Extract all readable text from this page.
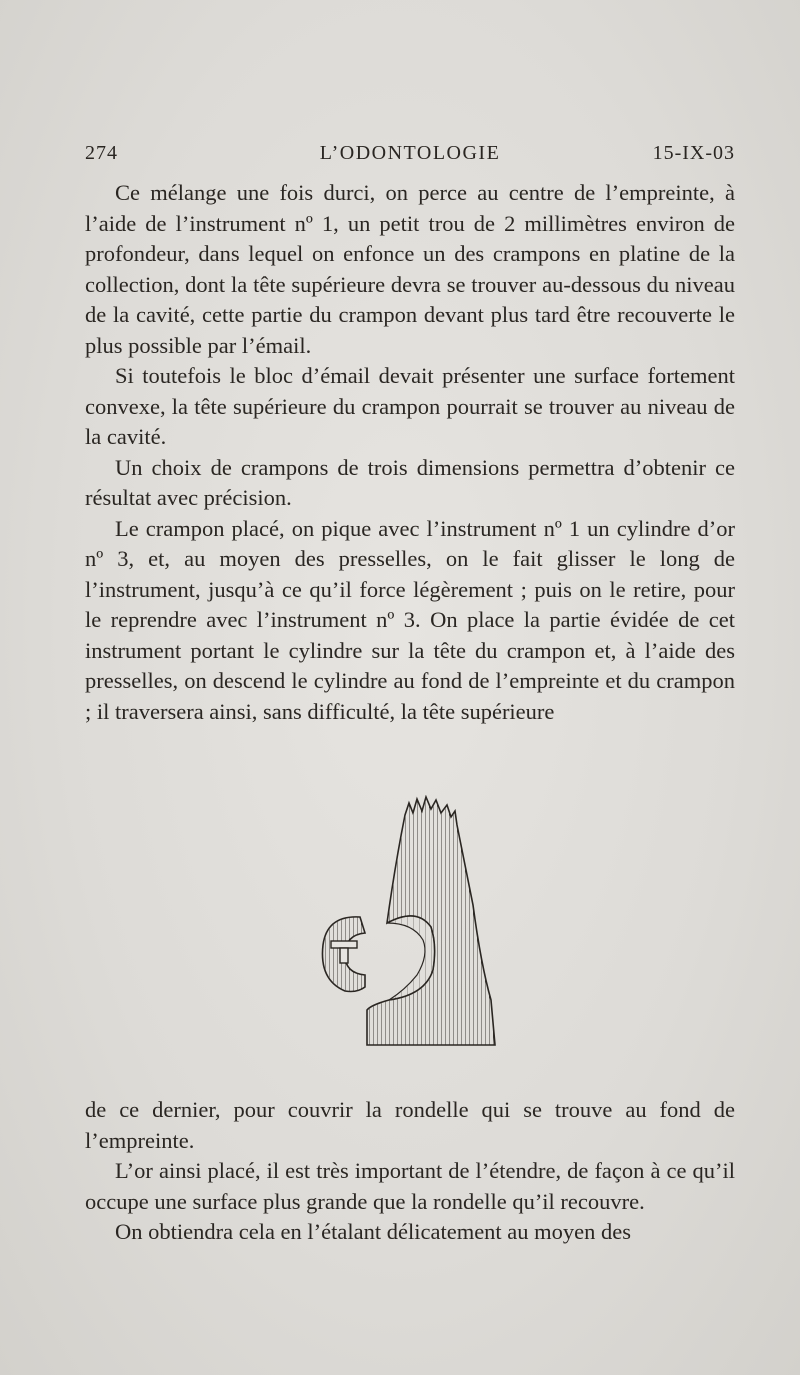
274	L’ODONTOLOGIE	15-IX-03

Ce mélange une fois durci, on perce au centre de l’empreinte, à l’aide de l’instrument nº 1, un petit trou de 2 millimètres environ de profondeur, dans lequel on enfonce un des crampons en platine de la collection, dont la tête supérieure devra se trouver au-dessous du niveau de la cavité, cette partie du crampon devant plus tard être recouverte le plus possible par l’émail.

Si toutefois le bloc d’émail devait présenter une surface fortement convexe, la tête supérieure du crampon pourrait se trouver au niveau de la cavité.

Un choix de crampons de trois dimensions permettra d’obtenir ce résultat avec précision.

Le crampon placé, on pique avec l’instrument nº 1 un cylindre d’or nº 3, et, au moyen des presselles, on le fait glisser le long de l’instrument, jusqu’à ce qu’il force légèrement ; puis on le retire, pour le reprendre avec l’instrument nº 3. On place la partie évidée de cet instrument portant le cylindre sur la tête du crampon et, à l’aide des presselles, on descend le cylindre au fond de l’empreinte et du crampon ; il traversera ainsi, sans difficulté, la tête supérieure

de ce dernier, pour couvrir la rondelle qui se trouve au fond de l’empreinte.

L’or ainsi placé, il est très important de l’étendre, de façon à ce qu’il occupe une surface plus grande que la rondelle qu’il recouvre.

On obtiendra cela en l’étalant délicatement au moyen des
